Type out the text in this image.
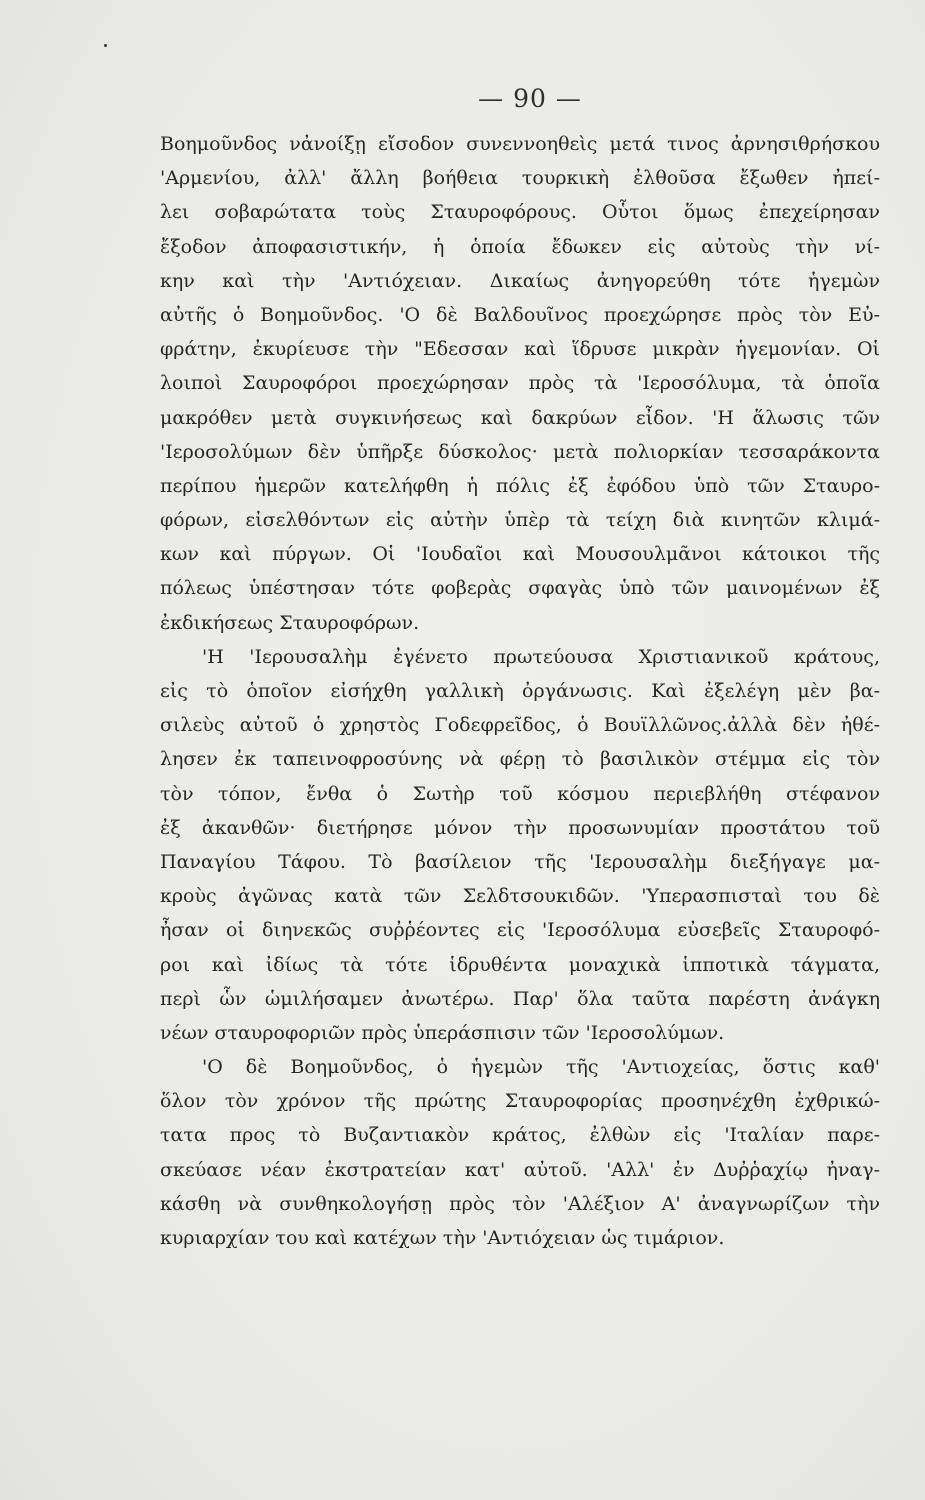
— 90 —
Βοημοῦνδος νἀνοίξῃ εἴσοδον συνεννοηθεὶς μετά τινος ἀρνησιθρήσκου
'Αρμενίου, ἀλλ' ἄλλη βοήθεια τουρκικὴ ἐλθοῦσα ἔξωθεν ἠπεί-
λει σοβαρώτατα τοὺς Σταυροφόρους. Οὗτοι ὅμως ἐπεχείρησαν
ἔξοδον ἀποφασιστικήν, ἡ ὁποία ἔδωκεν εἰς αὐτοὺς τὴν νί-
κην καὶ τὴν 'Αντιόχειαν. Δικαίως ἀνηγορεύθη τότε ἡγεμὼν
αὐτῆς ὁ Βοημοῦνδος. 'Ο δὲ Βαλδουῖνος προεχώρησε πρὸς τὸν Εὐ-
φράτην, ἐκυρίευσε τὴν "Εδεσσαν καὶ ἵδρυσε μικρὰν ἡγεμονίαν. Οἱ
λοιποὶ Σαυροφόροι προεχώρησαν πρὸς τὰ 'Ιεροσόλυμα, τὰ ὁποῖα
μακρόθεν μετὰ συγκινήσεως καὶ δακρύων εἶδον. 'Η ἅλωσις τῶν
'Ιεροσολύμων δὲν ὑπῆρξε δύσκολος· μετὰ πολιορκίαν τεσσαράκοντα
περίπου ἡμερῶν κατελήφθη ἡ πόλις ἐξ ἐφόδου ὑπὸ τῶν Σταυρο-
φόρων, εἰσελθόντων εἰς αὐτὴν ὑπὲρ τὰ τείχη διὰ κινητῶν κλιμά-
κων καὶ πύργων. Οἱ 'Ιουδαῖοι καὶ Μουσουλμᾶνοι κάτοικοι τῆς
πόλεως ὑπέστησαν τότε φοβερὰς σφαγὰς ὑπὸ τῶν μαινομένων ἐξ
ἐκδικήσεως Σταυροφόρων.
'Η 'Ιερουσαλὴμ ἐγένετο πρωτεύουσα Χριστιανικοῦ κράτους,
εἰς τὸ ὁποῖον εἰσήχθη γαλλικὴ ὀργάνωσις. Καὶ ἐξελέγη μὲν βα-
σιλεὺς αὐτοῦ ὁ χρηστὸς Γοδεφρεῖδος, ὁ Βουϊλλῶνος.ἀλλὰ δὲν ἠθέ-
λησεν ἐκ ταπεινοφροσύνης νὰ φέρῃ τὸ βασιλικὸν στέμμα εἰς τὸν
τὸν τόπον, ἔνθα ὁ Σωτὴρ τοῦ κόσμου περιεβλήθη στέφανον
ἐξ ἀκανθῶν· διετήρησε μόνον τὴν προσωνυμίαν προστάτου τοῦ
Παναγίου Τάφου. Τὸ βασίλειον τῆς 'Ιερουσαλὴμ διεξήγαγε μα-
κροὺς ἀγῶνας κατὰ τῶν Σελδτσουκιδῶν. 'Υπερασπισταὶ του δὲ
ἦσαν οἱ διηνεκῶς συῤῥέοντες εἰς 'Ιεροσόλυμα εὐσεβεῖς Σταυροφό-
ροι καὶ ἰδίως τὰ τότε ἱδρυθέντα μοναχικὰ ἱπποτικὰ τάγματα,
περὶ ὧν ὡμιλήσαμεν ἀνωτέρω. Παρ' ὅλα ταῦτα παρέστη ἀνάγκη
νέων σταυροφοριῶν πρὸς ὑπεράσπισιν τῶν 'Ιεροσολύμων.
'Ο δὲ Βοημοῦνδος, ὁ ἡγεμὼν τῆς 'Αντιοχείας, ὅστις καθ'
ὅλον τὸν χρόνον τῆς πρώτης Σταυροφορίας προσηνέχθη ἐχθρικώ-
τατα προς τὸ Βυζαντιακὸν κράτος, ἐλθὼν εἰς 'Ιταλίαν παρε-
σκεύασε νέαν ἐκστρατείαν κατ' αὐτοῦ. 'Αλλ' ἐν Δυῤῥαχίῳ ἠναγ-
κάσθη νὰ συνθηκολογήσῃ πρὸς τὸν 'Αλέξιον Α' ἀναγνωρίζων τὴν
κυριαρχίαν του καὶ κατέχων τὴν 'Αντιόχειαν ὡς τιμάριον.
